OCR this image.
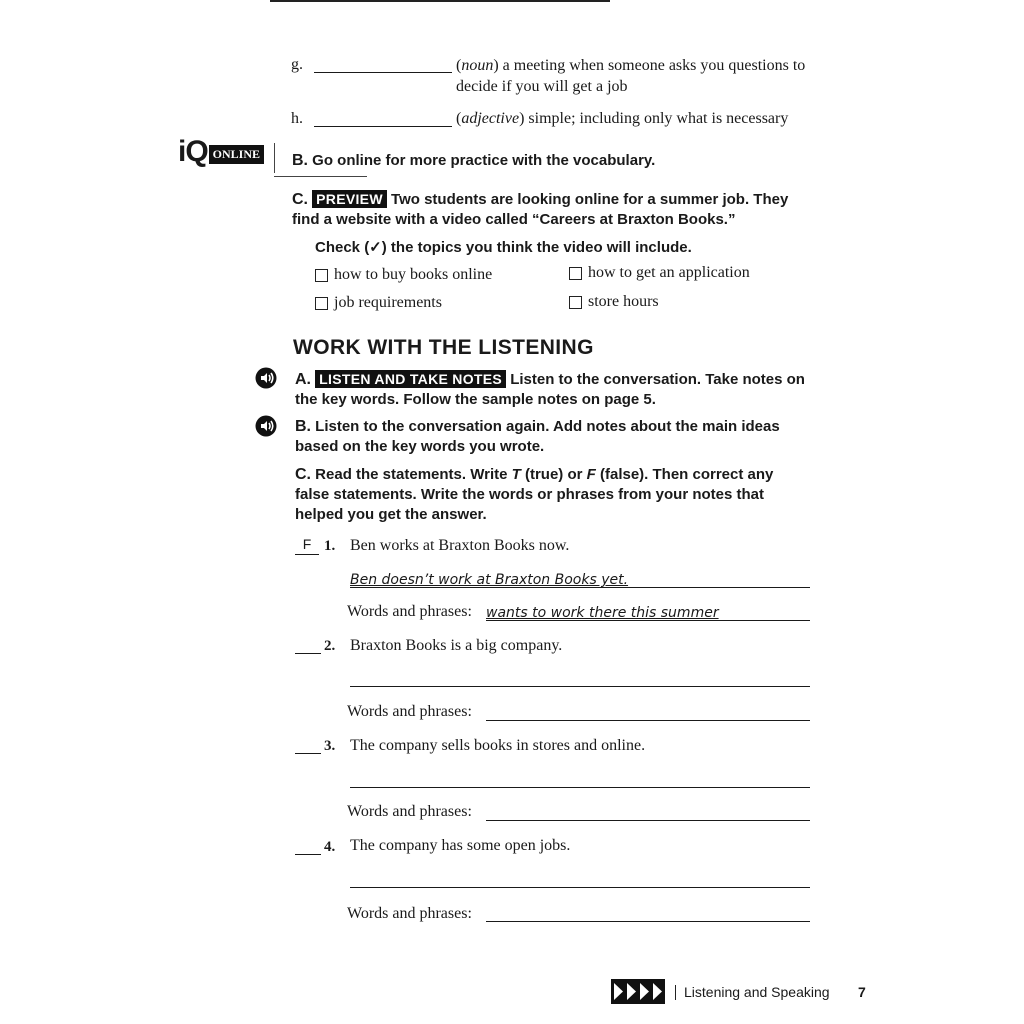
g.	(noun) a meeting when someone asks you questions to decide if you will get a job
h.	(adjective) simple; including only what is necessary
iQ ONLINE B. Go online for more practice with the vocabulary.
C. PREVIEW Two students are looking online for a summer job. They find a website with a video called “Careers at Braxton Books.”
Check (✓) the topics you think the video will include.
how to buy books online	how to get an application
job requirements	store hours
WORK WITH THE LISTENING
A. LISTEN AND TAKE NOTES Listen to the conversation. Take notes on the key words. Follow the sample notes on page 5.
B. Listen to the conversation again. Add notes about the main ideas based on the key words you wrote.
C. Read the statements. Write T (true) or F (false). Then correct any false statements. Write the words or phrases from your notes that helped you get the answer.
F 1. Ben works at Braxton Books now.
Ben doesn’t work at Braxton Books yet.
Words and phrases: wants to work there this summer
2. Braxton Books is a big company.
Words and phrases:
3. The company sells books in stores and online.
Words and phrases:
4. The company has some open jobs.
Words and phrases:
Listening and Speaking 7
